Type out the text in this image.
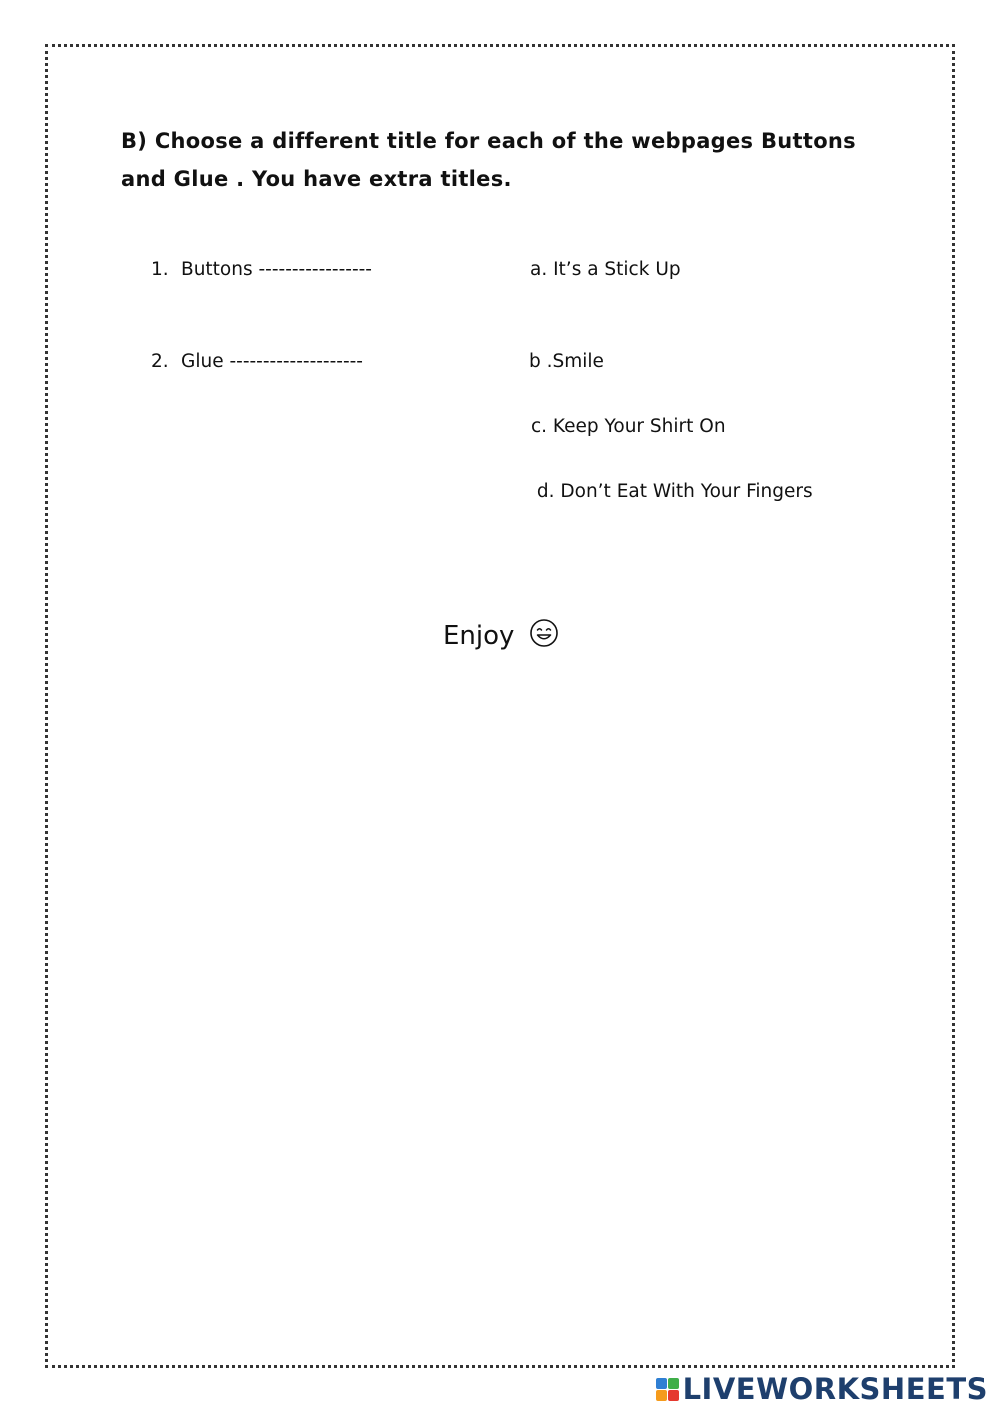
B) Choose a different title for each of the webpages Buttons and Glue . You have extra titles.

1. Buttons -----------------
2. Glue --------------------
a. It’s a Stick Up
b .Smile
c. Keep Your Shirt On
d. Don’t Eat With Your Fingers
Enjoy
LIVEWORKSHEETS
